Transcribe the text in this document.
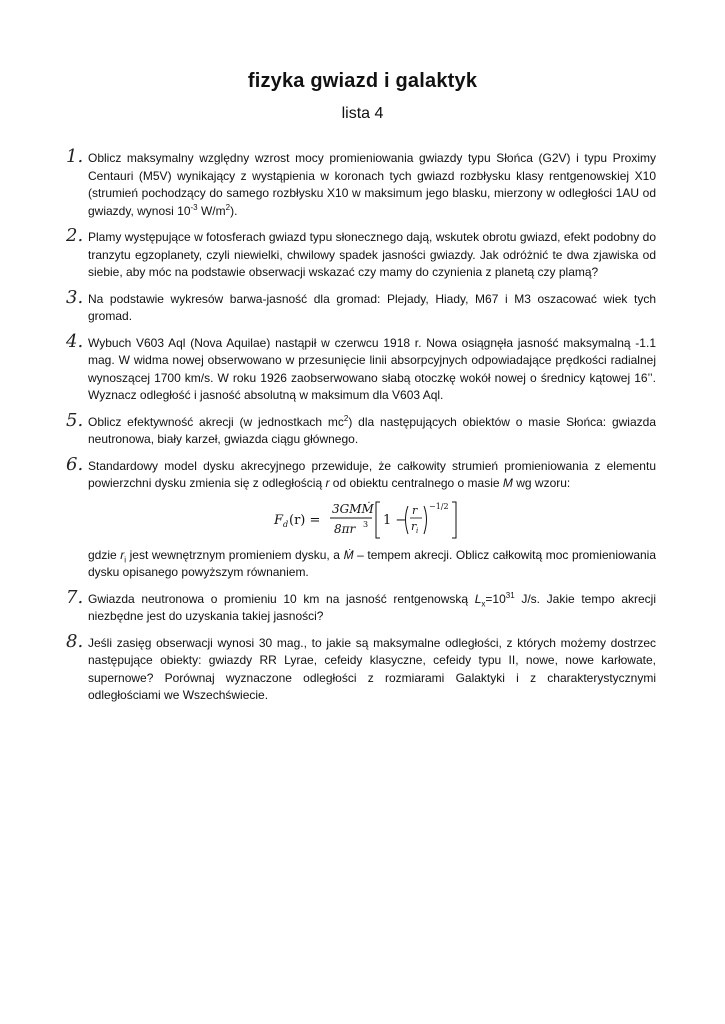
fizyka gwiazd i galaktyk
lista 4
1. Oblicz maksymalny względny wzrost mocy promieniowania gwiazdy typu Słońca (G2V) i typu Proximy Centauri (M5V) wynikający z wystąpienia w koronach tych gwiazd rozbłysku klasy rentgenowskiej X10 (strumień pochodzący do samego rozbłysku X10 w maksimum jego blasku, mierzony w odległości 1AU od gwiazdy, wynosi $10^{-3}$ $W/m^2$).
2. Plamy występujące w fotosferach gwiazd typu słonecznego dają, wskutek obrotu gwiazd, efekt podobny do tranzytu egzoplanety, czyli niewielki, chwilowy spadek jasności gwiazdy. Jak odróżnić te dwa zjawiska od siebie, aby móc na podstawie obserwacji wskazać czy mamy do czynienia z planetą czy plamą?
3. Na podstawie wykresów barwa-jasność dla gromad: Plejady, Hiady, M67 i M3 oszacować wiek tych gromad.
4. Wybuch V603 Aql (Nova Aquilae) nastąpił w czerwcu 1918 r. Nowa osiągnęła jasność maksymalną -1.1 mag. W widma nowej obserwowano w przesunięcie linii absorpcyjnych odpowiadające prędkości radialnej wynoszącej 1700 km/s. W roku 1926 zaobserwowano słabą otoczkę wokół nowej o średnicy kątowej 16’’. Wyznacz odległość i jasność absolutną w maksimum dla V603 Aql.
5. Oblicz efektywność akrecji (w jednostkach $mc^2$) dla następujących obiektów o masie Słońca: gwiazda neutronowa, biały karzeł, gwiazda ciągu głównego.
6. Standardowy model dysku akrecyjnego przewiduje, że całkowity strumień promieniowania z elementu powierzchni dysku zmienia się z odległością r od obiektu centralnego o masie M wg wzoru:
F d (r) =
3GMṀ
8πr 3 1 −
r
r i
−1/2
gdzie $r_i$ jest wewnętrznym promieniem dysku, a Ṁ – tempem akrecji. Oblicz całkowitą moc promieniowania dysku opisanego powyższym równaniem.
7. Gwiazda neutronowa o promieniu 10 km na jasność rentgenowską $L_x=10^{31}$ J/s. Jakie tempo akrecji niezbędne jest do uzyskania takiej jasności?
8. Jeśli zasięg obserwacji wynosi 30 mag., to jakie są maksymalne odległości, z których możemy dostrzec następujące obiekty: gwiazdy RR Lyrae, cefeidy klasyczne, cefeidy typu II, nowe, nowe karłowate, supernowe? Porównaj wyznaczone odległości z rozmiarami Galaktyki i z charakterystycznymi odległościami we Wszechświecie.
